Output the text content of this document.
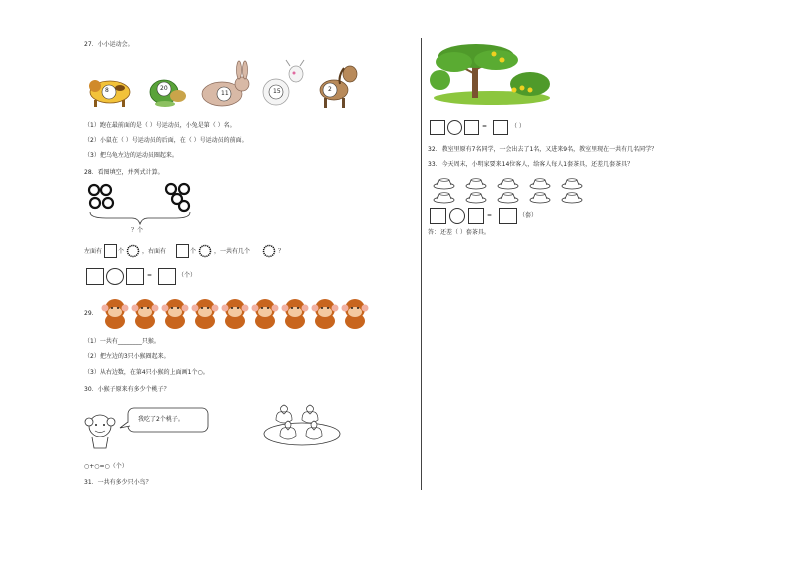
27．小小运动会。
8	20
11	15	2
（1）跑在最前面的是（ ）号运动员，小兔是第（ ）名。
（2）小鼠在（ ）号运动员的后面，在（ ）号运动员的前面。
（3）把乌龟左边的运动员圈起来。
28．看图填空，并列式计算。
？个
左面有	个	，右面有	个	，一共有几个	？
=	（个）
29.
（1）一共有________只猴。
（2）把左边的3只小猴圈起来。
（3）从右边数，在第4只小猴的上面画1个○。
30．小猴子原来有多少个桃子？
我吃了2个桃子。
○+○=○（个）
31．一共有多少只小鸟？
=	（ ）
32．教室里原有7名同学，一会出去了1名，又进来9名，教室里现在一共有几名同学？
33．今天周末，小明家要来14位客人，给客人每人1套茶具，还差几套茶具？
=	（套）
答：还差（ ）套茶具。
